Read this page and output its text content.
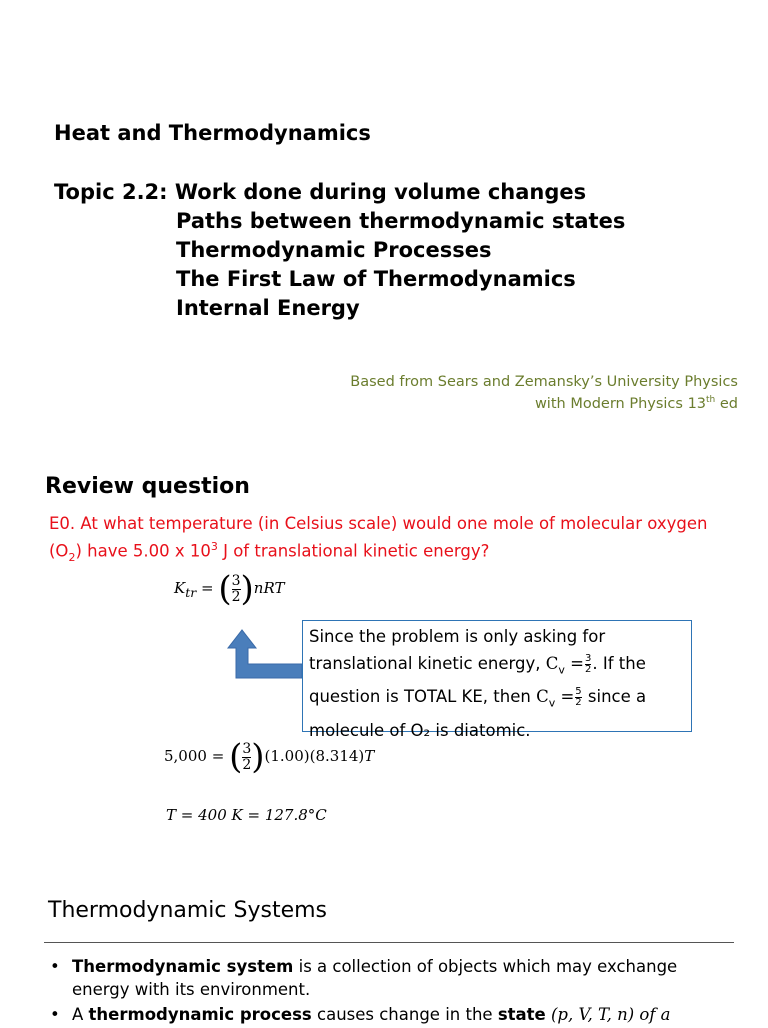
Heat and Thermodynamics
Topic 2.2: Work done during volume changes
Paths between thermodynamic states
Thermodynamic Processes
The First Law of Thermodynamics
Internal Energy
Based from Sears and Zemansky’s University Physics
with Modern Physics 13th ed
Review question
E0. At what temperature (in Celsius scale) would one mole of molecular oxygen $(O_2)$ have 5.00 x $10^3$ J of translational kinetic energy?
$K_{tr}$ = ( $\frac{3}{2} )nRT$
Since the problem is only asking for translational kinetic energy, $C_v = \frac{3}{2}$ . If the question is TOTAL KE, then $C_v = \frac{5}{2}$ since a molecule of O₂ is diatomic.
5,000 = ( $\frac{3}{2} )(1.00)(8.314)T$
T = 400 K = 127.8°C
Thermodynamic Systems
• Thermodynamic system is a collection of objects which may exchange energy with its environment.
• A thermodynamic process causes change in the state (p, V, T, n) of a
